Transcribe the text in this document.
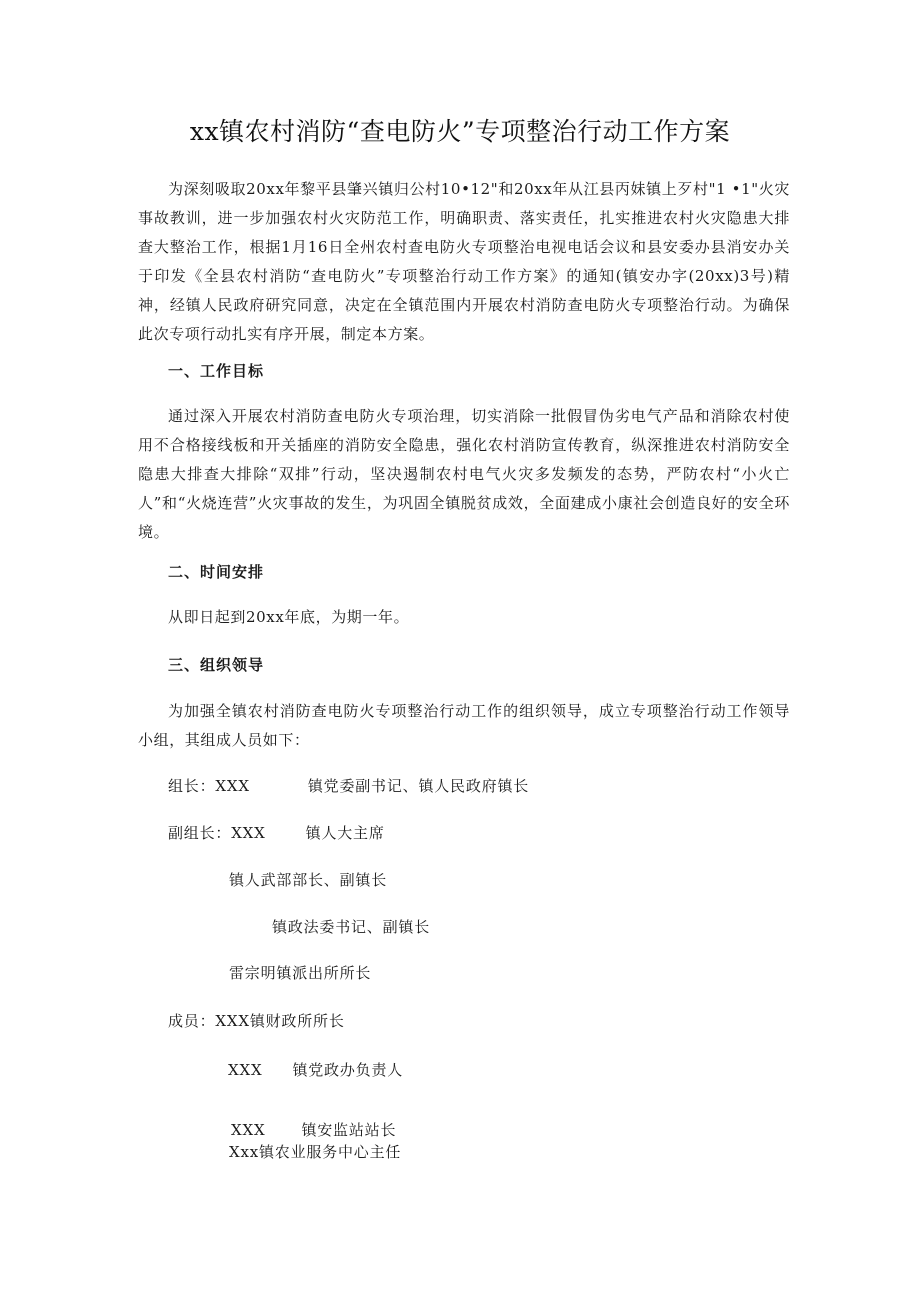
xx镇农村消防“查电防火”专项整治行动工作方案
为深刻吸取20xx年黎平县肇兴镇归公村10•12"和20xx年从江县丙妹镇上歹村"1 •1"火灾事故教训，进一步加强农村火灾防范工作，明确职责、落实责任，扎实推进农村火灾隐患大排查大整治工作，根据1月16日全州农村查电防火专项整治电视电话会议和县安委办县消安办关于印发《全县农村消防“查电防火”专项整治行动工作方案》的通知(镇安办字(20xx)3号)精神，经镇人民政府研究同意，决定在全镇范围内开展农村消防查电防火专项整治行动。为确保此次专项行动扎实有序开展，制定本方案。
一、工作目标
通过深入开展农村消防查电防火专项治理，切实消除一批假冒伪劣电气产品和消除农村使用不合格接线板和开关插座的消防安全隐患，强化农村消防宣传教育，纵深推进农村消防安全隐患大排查大排除“双排”行动，坚决遏制农村电气火灾多发频发的态势，严防农村“小火亡人”和“火烧连营”火灾事故的发生，为巩固全镇脱贫成效，全面建成小康社会创造良好的安全环境。
二、时间安排
从即日起到20xx年底，为期一年。
三、组织领导
为加强全镇农村消防查电防火专项整治行动工作的组织领导，成立专项整治行动工作领导小组，其组成人员如下：
组长：XXX	镇党委副书记、镇人民政府镇长
副组长：XXX	镇人大主席
镇人武部部长、副镇长
镇政法委书记、副镇长
雷宗明镇派出所所长
成员：XXX镇财政所所长
XXX 镇党政办负责人
XXX 镇安监站站长
Xxx镇农业服务中心主任
